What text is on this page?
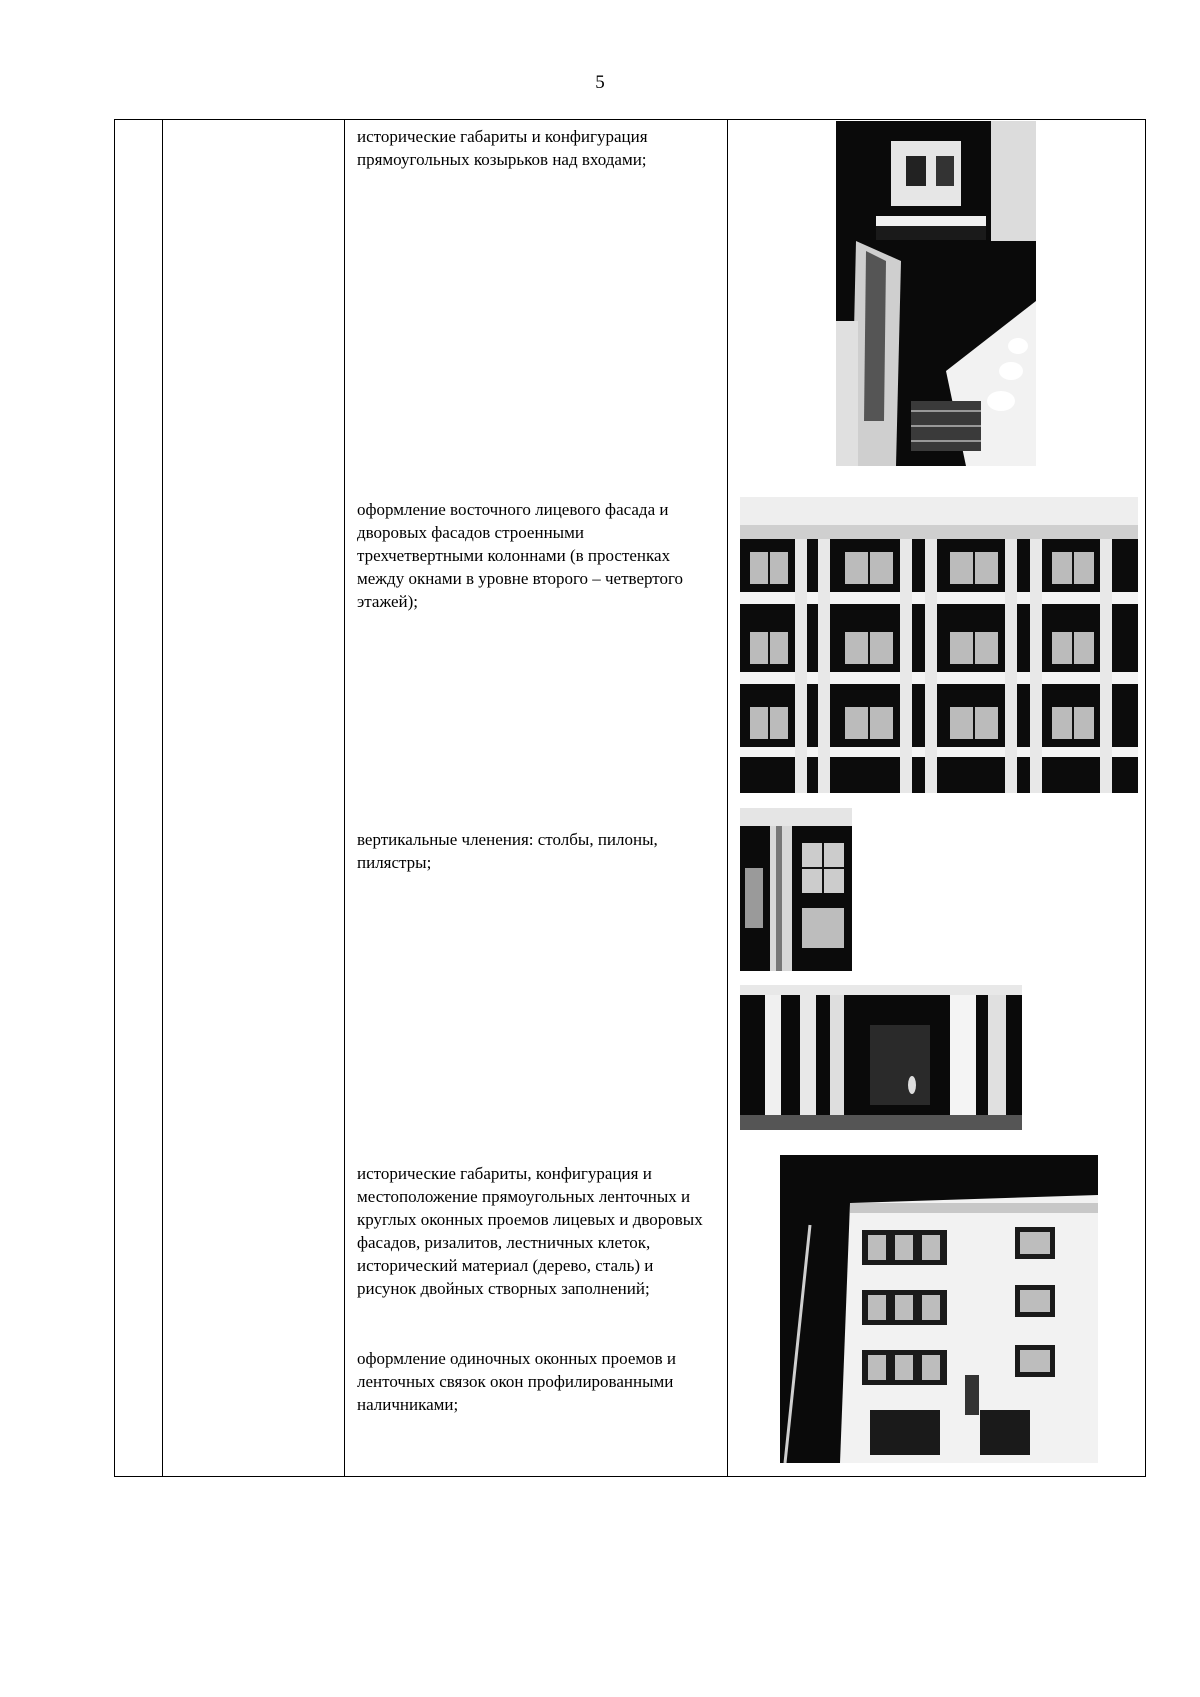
5

исторические габариты и конфигурация прямоугольных козырьков над входами;

оформление восточного лицевого фасада и дворовых фасадов строенными трехчетвертными колоннами (в простенках между окнами в уровне второго – четвертого этажей);

вертикальные членения: столбы, пилоны, пилястры;

исторические габариты, конфигурация и местоположение прямоугольных ленточных и круглых оконных проемов лицевых и дворовых фасадов, ризалитов, лестничных клеток, исторический материал (дерево, сталь) и рисунок двойных створных заполнений;

оформление одиночных оконных проемов и ленточных связок окон профилированными наличниками;
